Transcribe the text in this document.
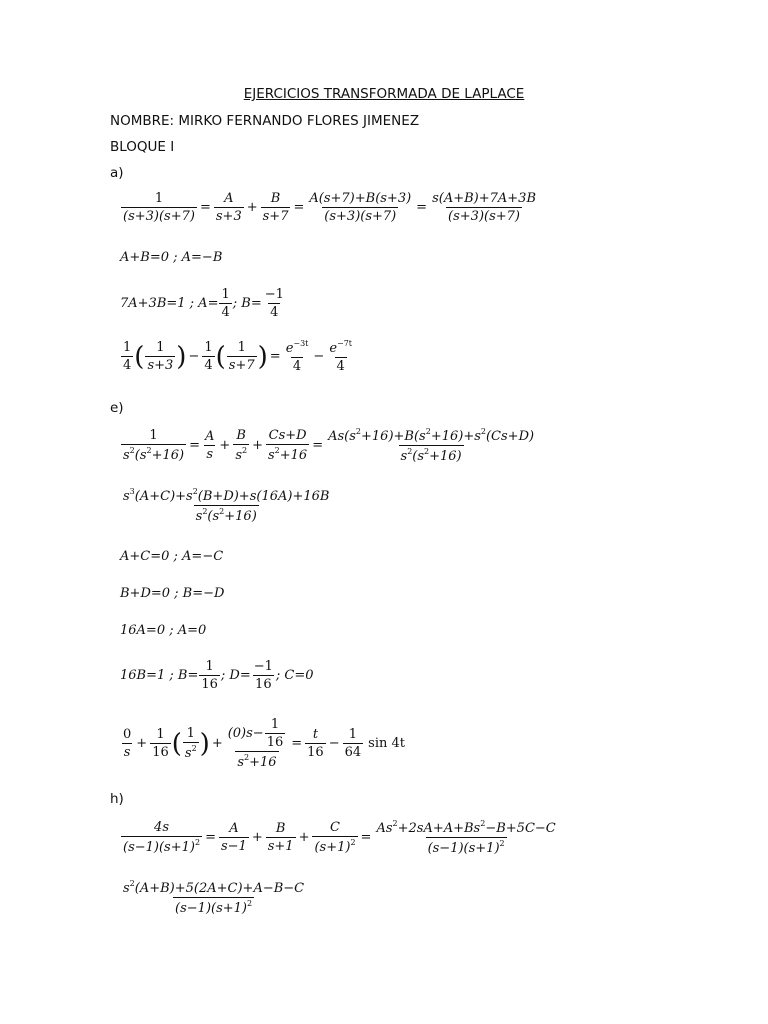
EJERCICIOS TRANSFORMADA DE LAPLACE
NOMBRE: MIRKO FERNANDO FLORES JIMENEZ
BLOQUE I
a)
$\frac{1}{(s+3)(s+7)} = \frac{A}{s+3} + \frac{B}{s+7} = \frac{A(s+7)+B(s+3)}{(s+3)(s+7)} = \frac{s(A+B)+7A+3B}{(s+3)(s+7)}$
A+B=0 ; A=−B
7A+3B=1 ; $A= \frac{1}{4}$ ; $B= \frac{-1}{4}$
$\frac{1}{4}$ ( $\frac{1}{s+3}$ ) − $\frac{1}{4}$ ( $\frac{1}{s+7}$ ) = $\frac{e^{-3t}}{4} - \frac{e^{-7t}}{4}$
e)
$\frac{1}{s^2(s^2+16)} = \frac{A}{s} + \frac{B}{s^2} + \frac{Cs+D}{s^2+16} = \frac{As(s^2+16)+B(s^2+16)+s^2(Cs+D)}{s^2(s^2+16)}$
$\frac{s^3(A+C)+s^2(B+D)+s(16A)+16B}{s^2(s^2+16)}$
A+C=0 ; A=−C
B+D=0 ; B=−D
16A=0 ; A=0
16B=1 ; $B= \frac{1}{16}$ ; $D= \frac{-1}{16}$ ; C=0
$\frac{0}{s} + \frac{1}{16}$ ( $\frac{1}{s^2}$ ) + $\frac{(0)s- \frac{1}{16}}{s^2+16} = \frac{t}{16} - \frac{1}{64}$ sin 4t
h)
$\frac{4s}{(s-1)(s+1)^2} = \frac{A}{s-1} + \frac{B}{s+1} + \frac{C}{(s+1)^2} = \frac{As^2+2sA+A+Bs^2-B+5C-C}{(s-1)(s+1)^2}$
$\frac{s^2(A+B)+5(2A+C)+A-B-C}{(s-1)(s+1)^2}$
